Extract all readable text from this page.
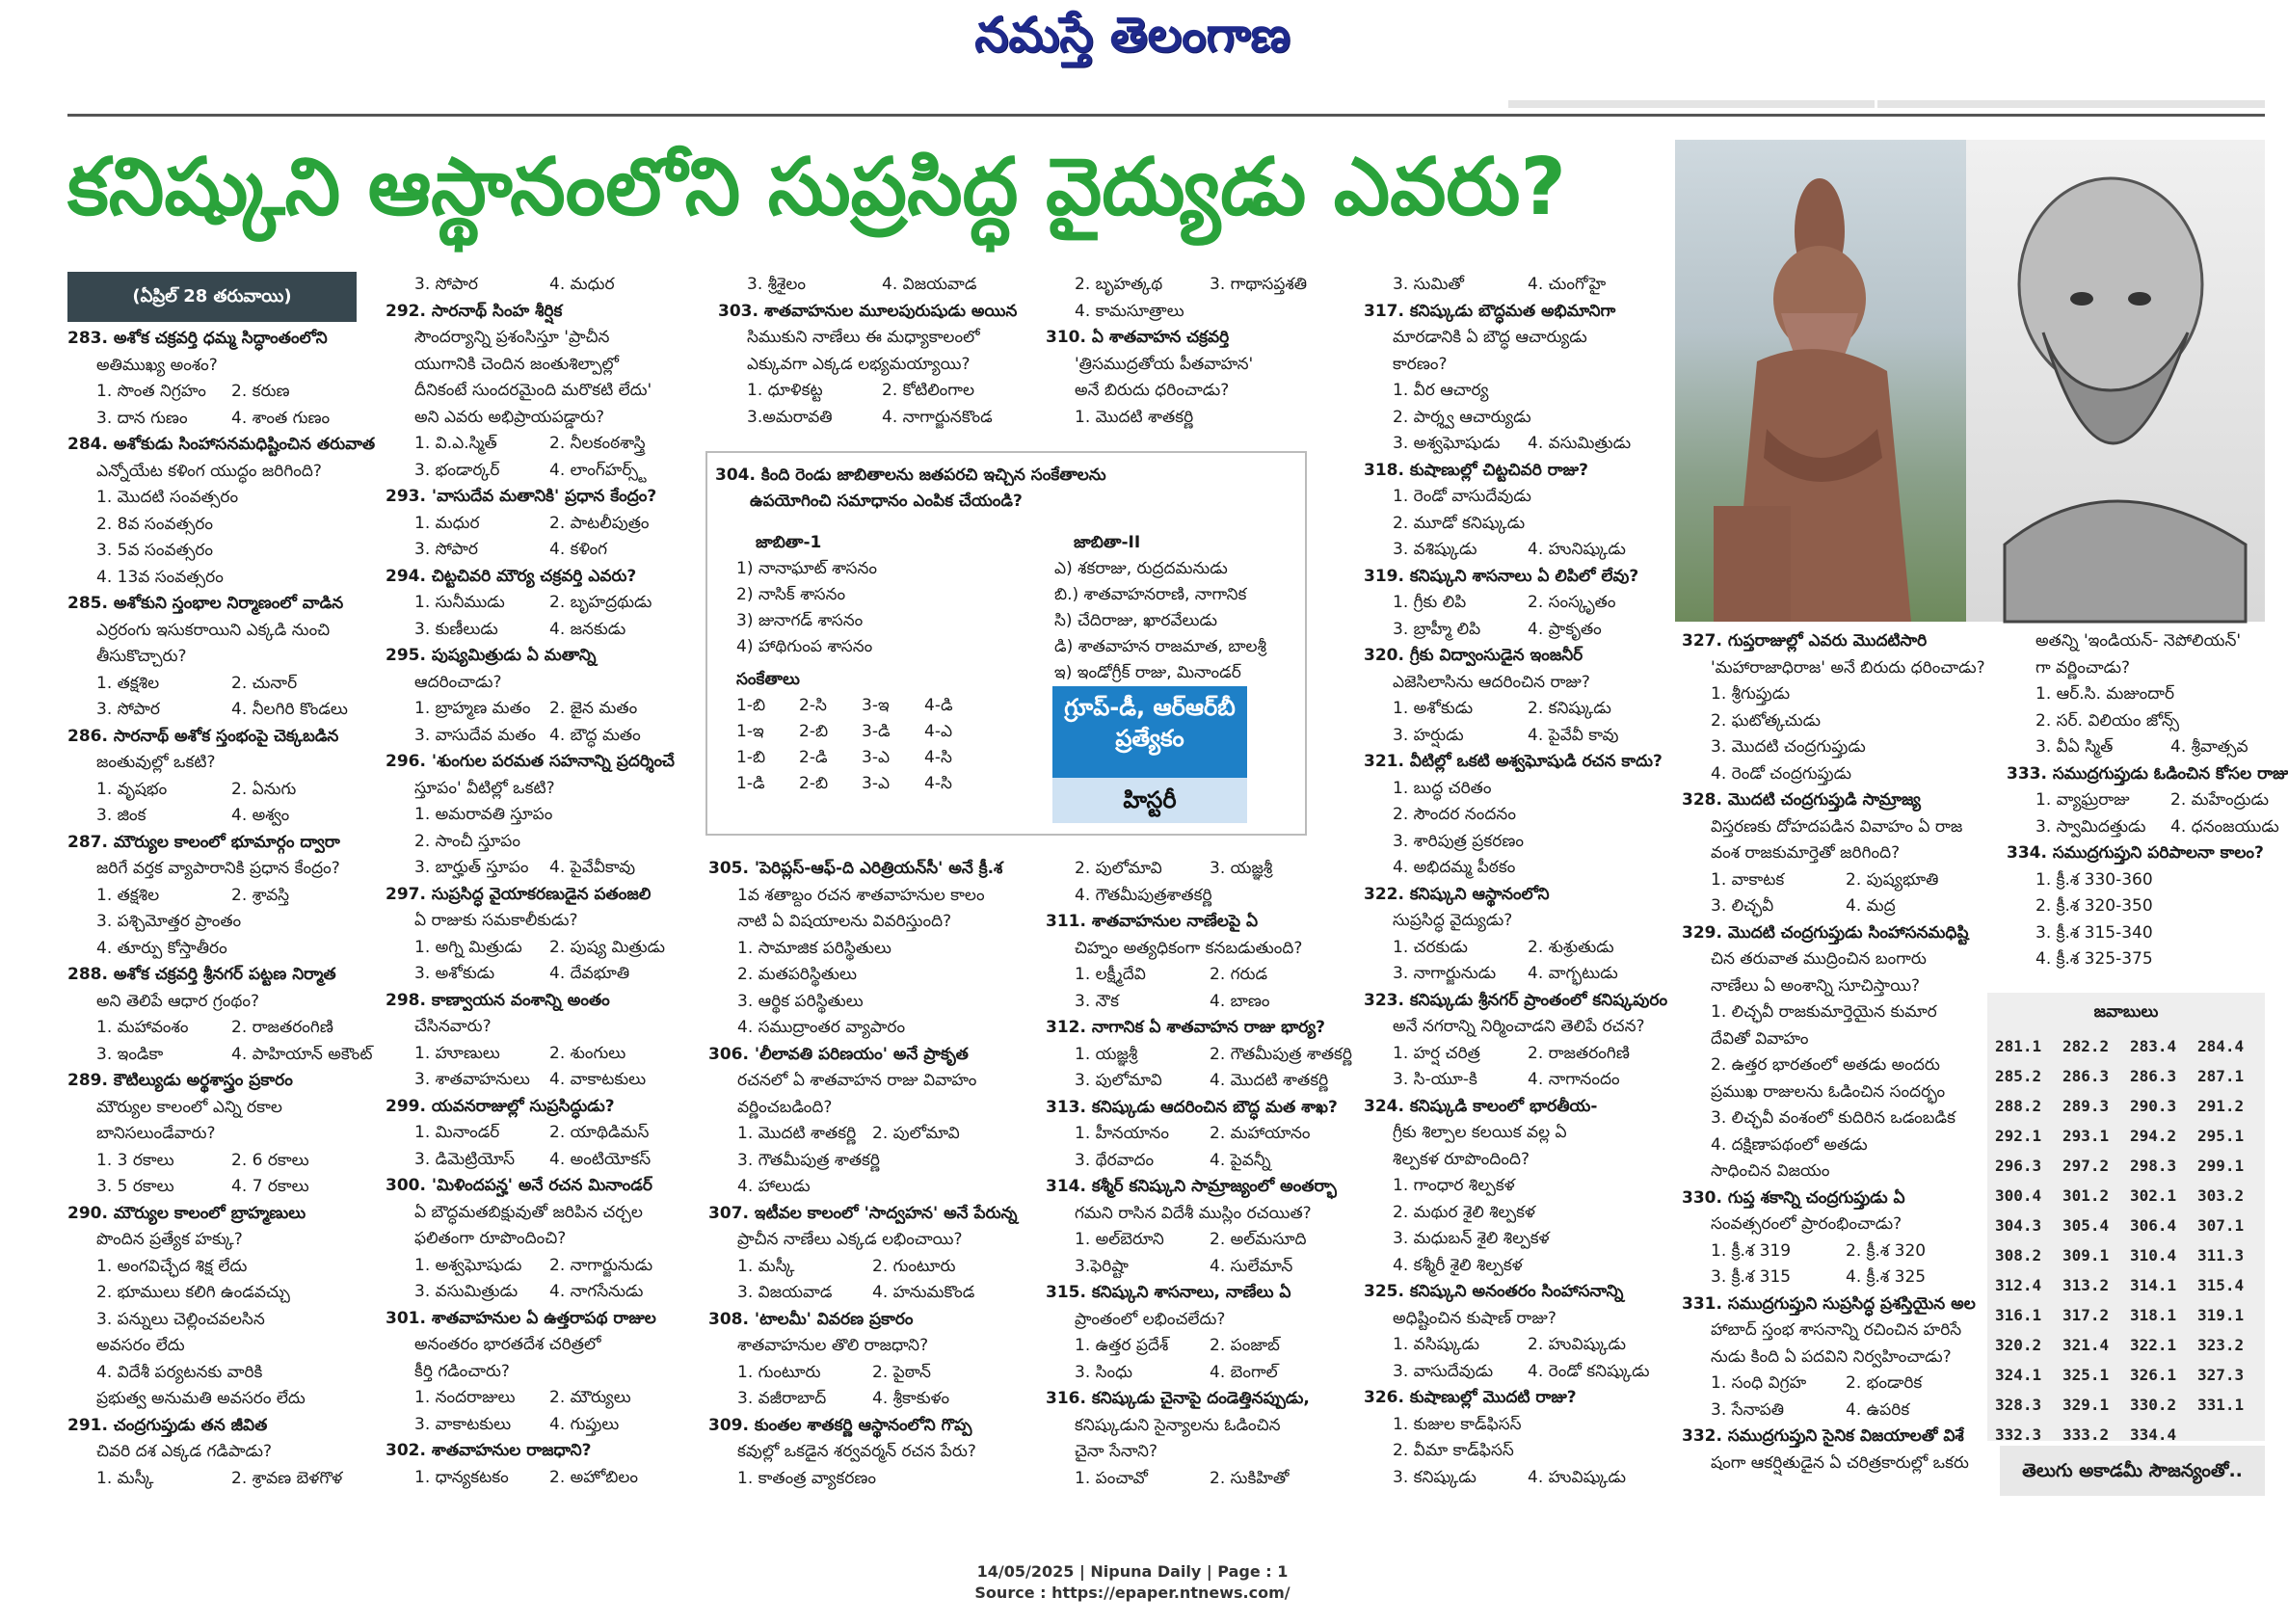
నమస్తే తెలంగాణ
కనిష్కుని ఆస్థానంలోని సుప్రసిద్ధ వైద్యుడు ఎవరు?
(ఏప్రిల్ 28 తరువాయి)
283. అశోక చక్రవర్తి ధమ్మ సిద్ధాంతంలోని
అతిముఖ్య అంశం?
1. సొంత నిగ్రహం 2. కరుణ
3. దాన గుణం	4. శాంత గుణం
284. అశోకుడు సింహాసనమధిష్టించిన తరువాత
ఎన్నోయేట కళింగ యుద్ధం జరిగింది?
1. మొదటి సంవత్సరం
2. 8వ సంవత్సరం
3. 5వ సంవత్సరం
4. 13వ సంవత్సరం
285. అశోకుని స్తంభాల నిర్మాణంలో వాడిన
ఎర్రరంగు ఇసుకరాయిని ఎక్కడి నుంచి
తీసుకొచ్చారు?
1. తక్షశిల	2. చునార్
3. సోపార	4. నీలగిరి కొండలు
286. సారనాథ్ అశోక స్తంభంపై చెక్కబడిన
జంతువుల్లో ఒకటి?
1. వృషభం	2. ఏనుగు
3. జింక	4. అశ్వం
287. మౌర్యుల కాలంలో భూమార్గం ద్వారా
జరిగే వర్తక వ్యాపారానికి ప్రధాన కేంద్రం?
1. తక్షశిల	2. శ్రావస్తి
3. పశ్చిమోత్తర ప్రాంతం
4. తూర్పు కోస్తాతీరం
288. అశోక చక్రవర్తి శ్రీనగర్ పట్టణ నిర్మాత
అని తెలిపే ఆధార గ్రంథం?
1. మహావంశం	2. రాజతరంగిణి
3. ఇండికా	4. పాహియాన్ అకౌంట్
289. కౌటిల్యుడు అర్థశాస్త్రం ప్రకారం
మౌర్యుల కాలంలో ఎన్ని రకాల
బానిసలుండేవారు?
1. 3 రకాలు	2. 6 రకాలు
3. 5 రకాలు	4. 7 రకాలు
290. మౌర్యుల కాలంలో బ్రాహ్మణులు
పొందిన ప్రత్యేక హక్కు?
1. అంగవిచ్ఛేద శిక్ష లేదు
2. భూములు కలిగి ఉండవచ్చు
3. పన్నులు చెల్లించవలసిన
అవసరం లేదు
4. విదేశీ పర్యటనకు వారికి
ప్రభుత్వ అనుమతి అవసరం లేదు
291. చంద్రగుప్తుడు తన జీవిత
చివరి దశ ఎక్కడ గడిపాడు?
1. మస్కీ	2. శ్రావణ బెళగొళ
3. సోపార	4. మధుర
292. సారనాథ్ సింహ శీర్షిక
సౌందర్యాన్ని ప్రశంసిస్తూ 'ప్రాచీన
యుగానికి చెందిన జంతుశిల్పాల్లో
దీనికంటే సుందరమైంది మరొకటి లేదు'
అని ఎవరు అభిప్రాయపడ్డారు?
1. వి.ఎ.స్మిత్	2. నీలకంఠశాస్త్రి
3. భండార్కర్	4. లాంగ్‌హర్స్ట్
293. 'వాసుదేవ మతానికి' ప్రధాన కేంద్రం?
1. మధుర	2. పాటలీపుత్రం
3. సోపార	4. కళింగ
294. చిట్టచివరి మౌర్య చక్రవర్తి ఎవరు?
1. సునీముడు	2. బృహద్రథుడు
3. కుణీలుడు	4. జనకుడు
295. పుష్యమిత్రుడు ఏ మతాన్ని
ఆదరించాడు?
1. బ్రాహ్మణ మతం 2. జైన మతం
3. వాసుదేవ మతం 4. బౌద్ధ మతం
296. 'శుంగుల పరమత సహనాన్ని ప్రదర్శించే
స్తూపం' వీటిల్లో ఒకటి?
1. అమరావతి స్తూపం
2. సాంచీ స్తూపం
3. బార్హుత్ స్తూపం 4. పైవేవీకావు
297. సుప్రసిద్ధ వైయాకరణుడైన పతంజలి
ఏ రాజుకు సమకాలీకుడు?
1. అగ్ని మిత్రుడు 2. పుష్య మిత్రుడు
3. అశోకుడు	4. దేవభూతి
298. కాణ్వాయన వంశాన్ని అంతం
చేసినవారు?
1. హూణులు	2. శుంగులు
3. శాతవాహనులు 4. వాకాటకులు
299. యవనరాజుల్లో సుప్రసిద్ధుడు?
1. మినాండర్	2. యాథిడిమస్
3. డిమెట్రియోస్ 4. అంటియోకస్
300. 'మిళిందపన్హ' అనే రచన మినాండర్
ఏ బౌద్ధమతబిక్షువుతో జరిపిన చర్చల
ఫలితంగా రూపొందించి?
1. అశ్వఘోషుడు 2. నాగార్జునుడు
3. వసుమిత్రుడు 4. నాగసేనుడు
301. శాతవాహనుల ఏ ఉత్తరాపథ రాజుల
అనంతరం భారతదేశ చరిత్రలో
కీర్తి గడించారు?
1. నందరాజులు 2. మౌర్యులు
3. వాకాటకులు 4. గుప్తులు
302. శాతవాహనుల రాజధాని?
1. ధాన్యకటకం 2. అహోబిలం
3. శ్రీశైలం	4. విజయవాడ
303. శాతవాహనుల మూలపురుషుడు అయిన
సిముకుని నాణేలు ఈ మధ్యాకాలంలో
ఎక్కువగా ఎక్కడ లభ్యమయ్యాయి?
1. ధూళికట్ట	2. కోటిలింగాల
3.అమరావతి	4. నాగార్జునకొండ
2. బృహత్కథ	3. గాథాసప్తశతి
4. కామసూత్రాలు
310. ఏ శాతవాహన చక్రవర్తి
'త్రిసముద్రతోయ పీతవాహన'
అనే బిరుదు ధరించాడు?
1. మొదటి శాతకర్ణి
3. సుమితో	4. చుంగోహై
317. కనిష్కుడు బౌద్ధమత అభిమానిగా
మారడానికి ఏ బౌద్ధ ఆచార్యుడు
కారణం?
1. వీర ఆచార్య
2. పార్శ్వ ఆచార్యుడు
3. అశ్వఘోషుడు 4. వసుమిత్రుడు
318. కుషాణుల్లో చిట్టచివరి రాజు?
1. రెండో వాసుదేవుడు
2. మూడో కనిష్కుడు
3. వశిష్కుడు	4. హునిష్కుడు
319. కనిష్కుని శాసనాలు ఏ లిపిలో లేవు?
1. గ్రీకు లిపి	2. సంస్కృతం
3. బ్రాహ్మీ లిపి	4. ప్రాకృతం
320. గ్రీకు విద్వాంసుడైన ఇంజనీర్
ఎజెసిలాసిను ఆదరించిన రాజు?
1. అశోకుడు	2. కనిష్కుడు
3. హర్షుడు	4. పైవేవీ కావు
321. వీటిల్లో ఒకటి అశ్వఘోషుడి రచన కాదు?
1. బుద్ధ చరితం
2. సౌందర నందనం
3. శారిపుత్ర ప్రకరణం
4. అభిదమ్మ పీఠకం
322. కనిష్కుని ఆస్థానంలోని
సుప్రసిద్ధ వైద్యుడు?
1. చరకుడు	2. శుశ్రుతుడు
3. నాగార్జునుడు 4. వాగ్భటుడు
323. కనిష్కుడు శ్రీనగర్ ప్రాంతంలో కనిష్కపురం
అనే నగరాన్ని నిర్మించాడని తెలిపే రచన?
1. హర్ష చరిత్ర	2. రాజతరంగిణి
3. సి-యూ-కి	4. నాగానందం
324. కనిష్కుడి కాలంలో భారతీయ-
గ్రీకు శిల్పాల కలయిక వల్ల ఏ
శిల్పకళ రూపొందింది?
1. గాంధార శిల్పకళ
2. మథుర శైలి శిల్పకళ
3. మధుబన్ శైలి శిల్పకళ
4. కశ్మీరీ శైలి శిల్పకళ
325. కనిష్కుని అనంతరం సింహాసనాన్ని
అధిష్టించిన కుషాణ్ రాజు?
1. వసిష్కుడు	2. హువిష్కుడు
3. వాసుదేవుడు 4. రెండో కనిష్కుడు
326. కుషాణుల్లో మొదటి రాజు?
1. కుజుల కాడ్‌ఫిసస్
2. వీమా కాడ్‌ఫిసస్
3. కనిష్కుడు	4. హువిష్కుడు
2. పులోమావి	3. యజ్ఞశ్రీ
4. గౌతమీపుత్రశాతకర్ణి
311. శాతవాహనుల నాణేలపై ఏ
చిహ్నం అత్యధికంగా కనబడుతుంది?
1. లక్ష్మీదేవి	2. గరుడ
3. నౌక	4. బాణం
312. నాగానిక ఏ శాతవాహన రాజు భార్య?
1. యజ్ఞశ్రీ	2. గౌతమీపుత్ర శాతకర్ణి
3. పులోమావి	4. మొదటి శాతకర్ణి
313. కనిష్కుడు ఆదరించిన బౌద్ధ మత శాఖ?
1. హీనయానం 2. మహాయానం
3. థేరవాదం	4. పైవన్నీ
314. కశ్మీర్ కనిష్కుని సామ్రాజ్యంలో అంతర్భా
గమని రాసిన విదేశీ ముస్లిం రచయిత?
1. అల్‌బెరూని	2. అల్‌మసూది
3.ఫెరిష్టా	4. సులేమాన్
315. కనిష్కుని శాసనాలు, నాణేలు ఏ
ప్రాంతంలో లభించలేదు?
1. ఉత్తర ప్రదేశ్	2. పంజాబ్
3. సింధు	4. బెంగాల్
316. కనిష్కుడు చైనాపై దండెత్తినప్పుడు,
కనిష్కుడుని సైన్యాలను ఓడించిన
చైనా సేనాని?
1. పంచావో	2. సుకిహితో
305. 'పెరిప్లస్-ఆఫ్-ది ఎరిత్రియన్‌సీ' అనే క్రీ.శ
1వ శతాబ్దం రచన శాతవాహనుల కాలం
నాటి ఏ విషయాలను వివరిస్తుంది?
1. సామాజిక పరిస్థితులు
2. మతపరిస్థితులు
3. ఆర్థిక పరిస్థితులు
4. సముద్రాంతర వ్యాపారం
306. 'లీలావతి పరిణయం' అనే ప్రాకృత
రచనలో ఏ శాతవాహన రాజు వివాహం
వర్ణించబడింది?
1. మొదటి శాతకర్ణి 2. పులోమావి
3. గౌతమీపుత్ర శాతకర్ణి
4. హాలుడు
307. ఇటీవల కాలంలో 'సాద్వహన' అనే పేరున్న
ప్రాచీన నాణేలు ఎక్కడ లభించాయి?
1. మస్కీ	2. గుంటూరు
3. విజయవాడ 4. హనుమకొండ
308. 'టాలమీ' వివరణ ప్రకారం
శాతవాహనుల తొలి రాజధాని?
1. గుంటూరు	2. పైఠాన్
3. వజీరాబాద్	4. శ్రీకాకుళం
309. కుంతల శాతకర్ణి ఆస్థానంలోని గొప్ప
కవుల్లో ఒకడైన శర్వవర్మన్ రచన పేరు?
1. కాతంత్ర వ్యాకరణం
327. గుప్తరాజుల్లో ఎవరు మొదటిసారి
'మహారాజాధిరాజ' అనే బిరుదు ధరించాడు?
1. శ్రీగుప్తుడు
2. ఘటోత్కచుడు
3. మొదటి చంద్రగుప్తుడు
4. రెండో చంద్రగుప్తుడు
328. మొదటి చంద్రగుప్తుడి సామ్రాజ్య
విస్తరణకు దోహదపడిన వివాహం ఏ రాజ
వంశ రాజకుమార్తెతో జరిగింది?
1. వాకాటక	2. పుష్యభూతి
3. లిచ్ఛవీ	4. మద్ర
329. మొదటి చంద్రగుప్తుడు సింహాసనమధిష్టి
చిన తరువాత ముద్రించిన బంగారు
నాణేలు ఏ అంశాన్ని సూచిస్తాయి?
1. లిచ్ఛవీ రాజకుమార్తెయైన కుమార
దేవితో వివాహం
2. ఉత్తర భారతంలో అతడు అందరు
ప్రముఖ రాజులను ఓడించిన సందర్భం
3. లిచ్ఛవీ వంశంలో కుదిరిన ఒడంబడిక
4. దక్షిణాపథంలో అతడు
సాధించిన విజయం
330. గుప్త శకాన్ని చంద్రగుప్తుడు ఏ
సంవత్సరంలో ప్రారంభించాడు?
1. క్రీ.శ 319	2. క్రీ.శ 320
3. క్రీ.శ 315	4. క్రీ.శ 325
331. సముద్రగుప్తుని సుప్రసిద్ధ ప్రశస్తియైన అల
హాబాద్ స్తంభ శాసనాన్ని రచించిన హరిసే
నుడు కింది ఏ పదవిని నిర్వహించాడు?
1. సంధి విగ్రహ 2. భండారిక
3. సేనాపతి	4. ఉపరిక
332. సముద్రగుప్తుని సైనిక విజయాలతో విశే
షంగా ఆకర్షితుడైన ఏ చరిత్రకారుల్లో ఒకరు
అతన్ని 'ఇండియన్- నెపోలియన్'
గా వర్ణించాడు?
1. ఆర్.సి. మజుందార్
2. సర్. విలియం జోన్స్
3. వీఏ స్మిత్	4. శ్రీవాత్సవ
333. సముద్రగుప్తుడు ఓడించిన కోసల రాజు
1. వ్యాఘ్రరాజు 2. మహేంద్రుడు
3. స్వామిదత్తుడు 4. ధనంజయుడు
334. సముద్రగుప్తుని పరిపాలనా కాలం?
1. క్రీ.శ 330-360
2. క్రీ.శ 320-350
3. క్రీ.శ 315-340
4. క్రీ.శ 325-375
304. కింది రెండు జాబితాలను జతపరచి ఇచ్చిన సంకేతాలను
ఉపయోగించి సమాధానం ఎంపిక చేయండి?
జాబితా-1
1) నానాఘాట్ శాసనం
2) నాసిక్ శాసనం
3) జునాగడ్ శాసనం
4) హాథిగుంప శాసనం
జాబితా-II
ఎ) శకరాజు, రుద్రదమనుడు
బి.) శాతవాహనరాణి, నాగానిక
సి) చేదిరాజు, ఖారవేలుడు
డి) శాతవాహన రాజమాత, బాలశ్రీ
ఇ) ఇండోగ్రీక్ రాజు, మినాండర్
సంకేతాలు
1-బి 2-సి 3-ఇ 4-డి
1-ఇ 2-బి 3-డి 4-ఎ
1-బి 2-డి 3-ఎ 4-సి
1-డి 2-బి 3-ఎ 4-సి
గ్రూప్-డీ, ఆర్‌ఆర్‌బీ
ప్రత్యేకం
హిస్టరీ
జవాబులు
281.1	282.2	283.4	284.4
285.2	286.3	286.3	287.1
288.2	289.3	290.3	291.2
292.1	293.1	294.2	295.1
296.3	297.2	298.3	299.1
300.4	301.2	302.1	303.2
304.3	305.4	306.4	307.1
308.2	309.1	310.4	311.3
312.4	313.2	314.1	315.4
316.1	317.2	318.1	319.1
320.2	321.4	322.1	323.2
324.1	325.1	326.1	327.3
328.3	329.1	330.2	331.1
332.3	333.2	334.4	
తెలుగు అకాడమీ సౌజన్యంతో..
14/05/2025 | Nipuna Daily | Page : 1
Source : https://epaper.ntnews.com/
